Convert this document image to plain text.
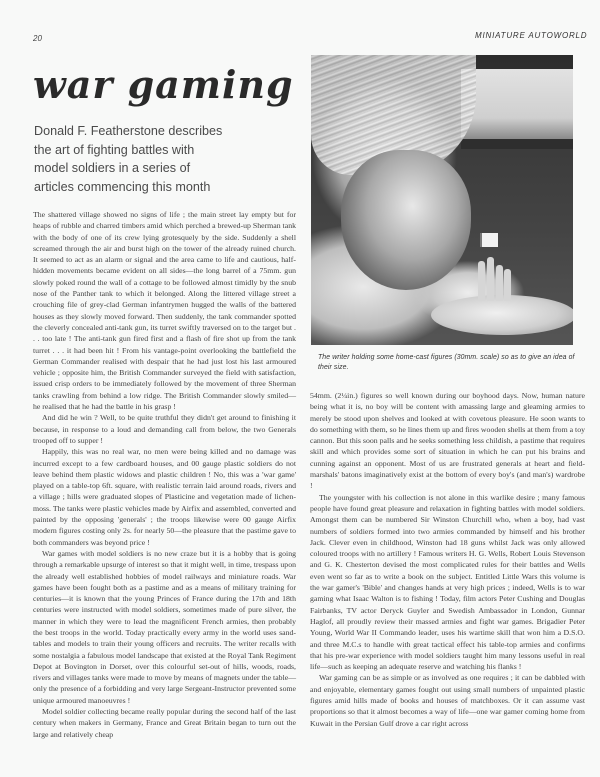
20	MINIATURE AUTOWORLD
war gaming
Donald F. Featherstone describes
the art of fighting battles with
model soldiers in a series of
articles commencing this month
The writer holding some home-cast figures (30mm. scale) so as to give an idea of their size.

The shattered village showed no signs of life ; the main street lay empty but for heaps of rubble and charred timbers amid which perched a brewed-up Sherman tank with the body of one of its crew lying grotesquely by the side. Suddenly a shell screamed through the air and burst high on the tower of the already ruined church. It seemed to act as an alarm or signal and the area came to life and cautious, half-hidden movements became evident on all sides—the long barrel of a 75mm. gun slowly poked round the wall of a cottage to be followed almost timidly by the snub nose of the Panther tank to which it belonged. Along the littered village street a crouching file of grey-clad German infantrymen hugged the walls of the battered houses as they slowly moved forward. Then suddenly, the tank commander spotted the cleverly concealed anti-tank gun, its turret swiftly traversed on to the target but . . . too late ! The anti-tank gun fired first and a flash of fire shot up from the tank turret . . . it had been hit ! From his vantage-point overlooking the battlefield the German Commander realised with despair that he had just lost his last armoured vehicle ; opposite him, the British Commander surveyed the field with satisfaction, issued crisp orders to be immediately followed by the movement of three Sherman tanks crawling from behind a low ridge. The British Commander slowly smiled—he realised that he had the battle in his grasp !

And did he win ? Well, to be quite truthful they didn't get around to finishing it because, in response to a loud and demanding call from below, the two Generals trooped off to supper !

Happily, this was no real war, no men were being killed and no damage was incurred except to a few cardboard houses, and 00 gauge plastic soldiers do not leave behind them plastic widows and plastic children ! No, this was a 'war game' played on a table-top 6ft. square, with realistic terrain laid around roads, rivers and a village ; hills were graduated slopes of Plasticine and vegetation made of lichen-moss. The tanks were plastic vehicles made by Airfix and assembled, converted and painted by the opposing 'generals' ; the troops likewise were 00 gauge Airfix modern figures costing only 2s. for nearly 50—the pleasure that the pastime gave to both commanders was beyond price !

War games with model soldiers is no new craze but it is a hobby that is going through a remarkable upsurge of interest so that it might well, in time, trespass upon the already well established hobbies of model railways and miniature roads. War games have been fought both as a pastime and as a means of military training for centuries—it is known that the young Princes of France during the 17th and 18th centuries were instructed with model soldiers, sometimes made of pure silver, the manner in which they were to lead the magnificent French armies, then probably the best troops in the world. Today practically every army in the world uses sand-tables and models to train their young officers and recruits. The writer recalls with some nostalgia a fabulous model landscape that existed at the Royal Tank Regiment Depot at Bovington in Dorset, over this colourful set-out of hills, woods, roads, rivers and villages tanks were made to move by means of magnets under the table—only the presence of a forbidding and very large Sergeant-Instructor prevented some unique armoured manoeuvres !

Model soldier collecting became really popular during the second half of the last century when makers in Germany, France and Great Britain began to turn out the large and relatively cheap

54mm. (2¼in.) figures so well known during our boyhood days. Now, human nature being what it is, no boy will be content with amassing large and gleaming armies to merely be stood upon shelves and looked at with covetous pleasure. He soon wants to do something with them, so he lines them up and fires wooden shells at them from a toy cannon. But this soon palls and he seeks something less childish, a pastime that requires skill and which provides some sort of situation in which he can put his brains and cunning against an opponent. Most of us are frustrated generals at heart and field-marshals' batons imaginatively exist at the bottom of every boy's (and man's) wardrobe !

The youngster with his collection is not alone in this warlike desire ; many famous people have found great pleasure and relaxation in fighting battles with model soldiers. Amongst them can be numbered Sir Winston Churchill who, when a boy, had vast numbers of soldiers formed into two armies commanded by himself and his brother Jack. Clever even in childhood, Winston had 18 guns whilst Jack was only allowed coloured troops with no artillery ! Famous writers H. G. Wells, Robert Louis Stevenson and G. K. Chesterton devised the most complicated rules for their battles and Wells even went so far as to write a book on the subject. Entitled Little Wars this volume is the war gamer's 'Bible' and changes hands at very high prices ; indeed, Wells is to war gaming what Isaac Walton is to fishing ! Today, film actors Peter Cushing and Douglas Fairbanks, TV actor Deryck Guyler and Swedish Ambassador in London, Gunnar Haglof, all proudly review their massed armies and fight war games. Brigadier Peter Young, World War II Commando leader, uses his wartime skill that won him a D.S.O. and three M.C.s to handle with great tactical effect his table-top armies and confirms that his pre-war experience with model soldiers taught him many lessons useful in real life—such as keeping an adequate reserve and watching his flanks !

War gaming can be as simple or as involved as one requires ; it can be dabbled with and enjoyable, elementary games fought out using small numbers of unpainted plastic figures amid hills made of books and houses of matchboxes. Or it can assume vast proportions so that it almost becomes a way of life—one war gamer coming home from Kuwait in the Persian Gulf drove a car right across
